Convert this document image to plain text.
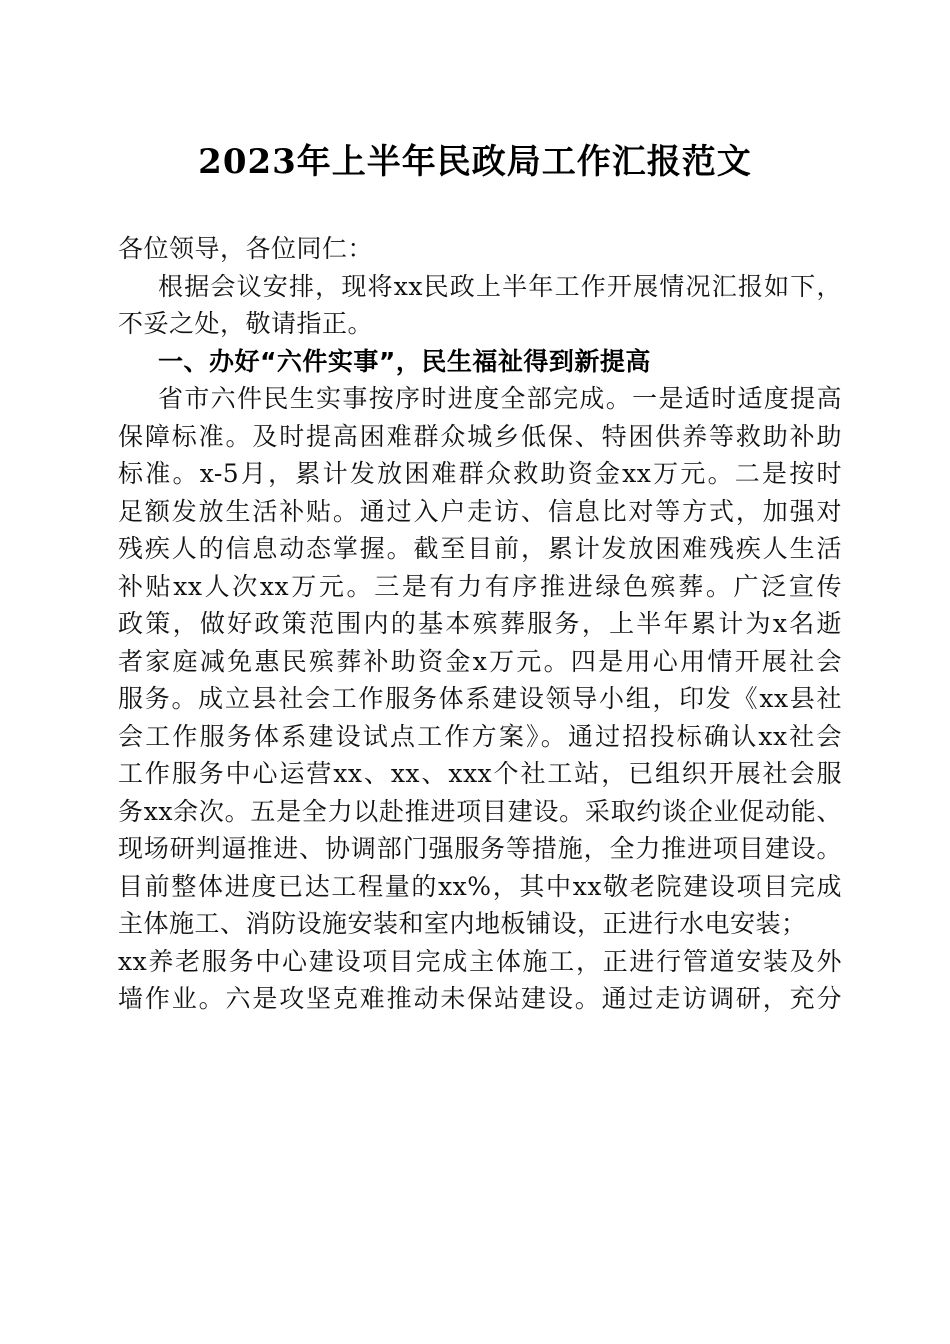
2023年上半年民政局工作汇报范文
各位领导，各位同仁：
根据会议安排，现将xx民政上半年工作开展情况汇报如下，
不妥之处，敬请指正。
一、办好“六件实事”，民生福祉得到新提高
省市六件民生实事按序时进度全部完成。一是适时适度提高
保障标准。及时提高困难群众城乡低保、特困供养等救助补助
标准。x-5月，累计发放困难群众救助资金xx万元。二是按时
足额发放生活补贴。通过入户走访、信息比对等方式，加强对
残疾人的信息动态掌握。截至目前，累计发放困难残疾人生活
补贴xx人次xx万元。三是有力有序推进绿色殡葬。广泛宣传
政策，做好政策范围内的基本殡葬服务，上半年累计为x名逝
者家庭减免惠民殡葬补助资金x万元。四是用心用情开展社会
服务。成立县社会工作服务体系建设领导小组，印发《xx县社
会工作服务体系建设试点工作方案》。通过招投标确认xx社会
工作服务中心运营xx、xx、xxx个社工站，已组织开展社会服
务xx余次。五是全力以赴推进项目建设。采取约谈企业促动能、
现场研判逼推进、协调部门强服务等措施，全力推进项目建设。
目前整体进度已达工程量的xx%，其中xx敬老院建设项目完成
主体施工、消防设施安装和室内地板铺设，正进行水电安装；
xx养老服务中心建设项目完成主体施工，正进行管道安装及外
墙作业。六是攻坚克难推动未保站建设。通过走访调研，充分
